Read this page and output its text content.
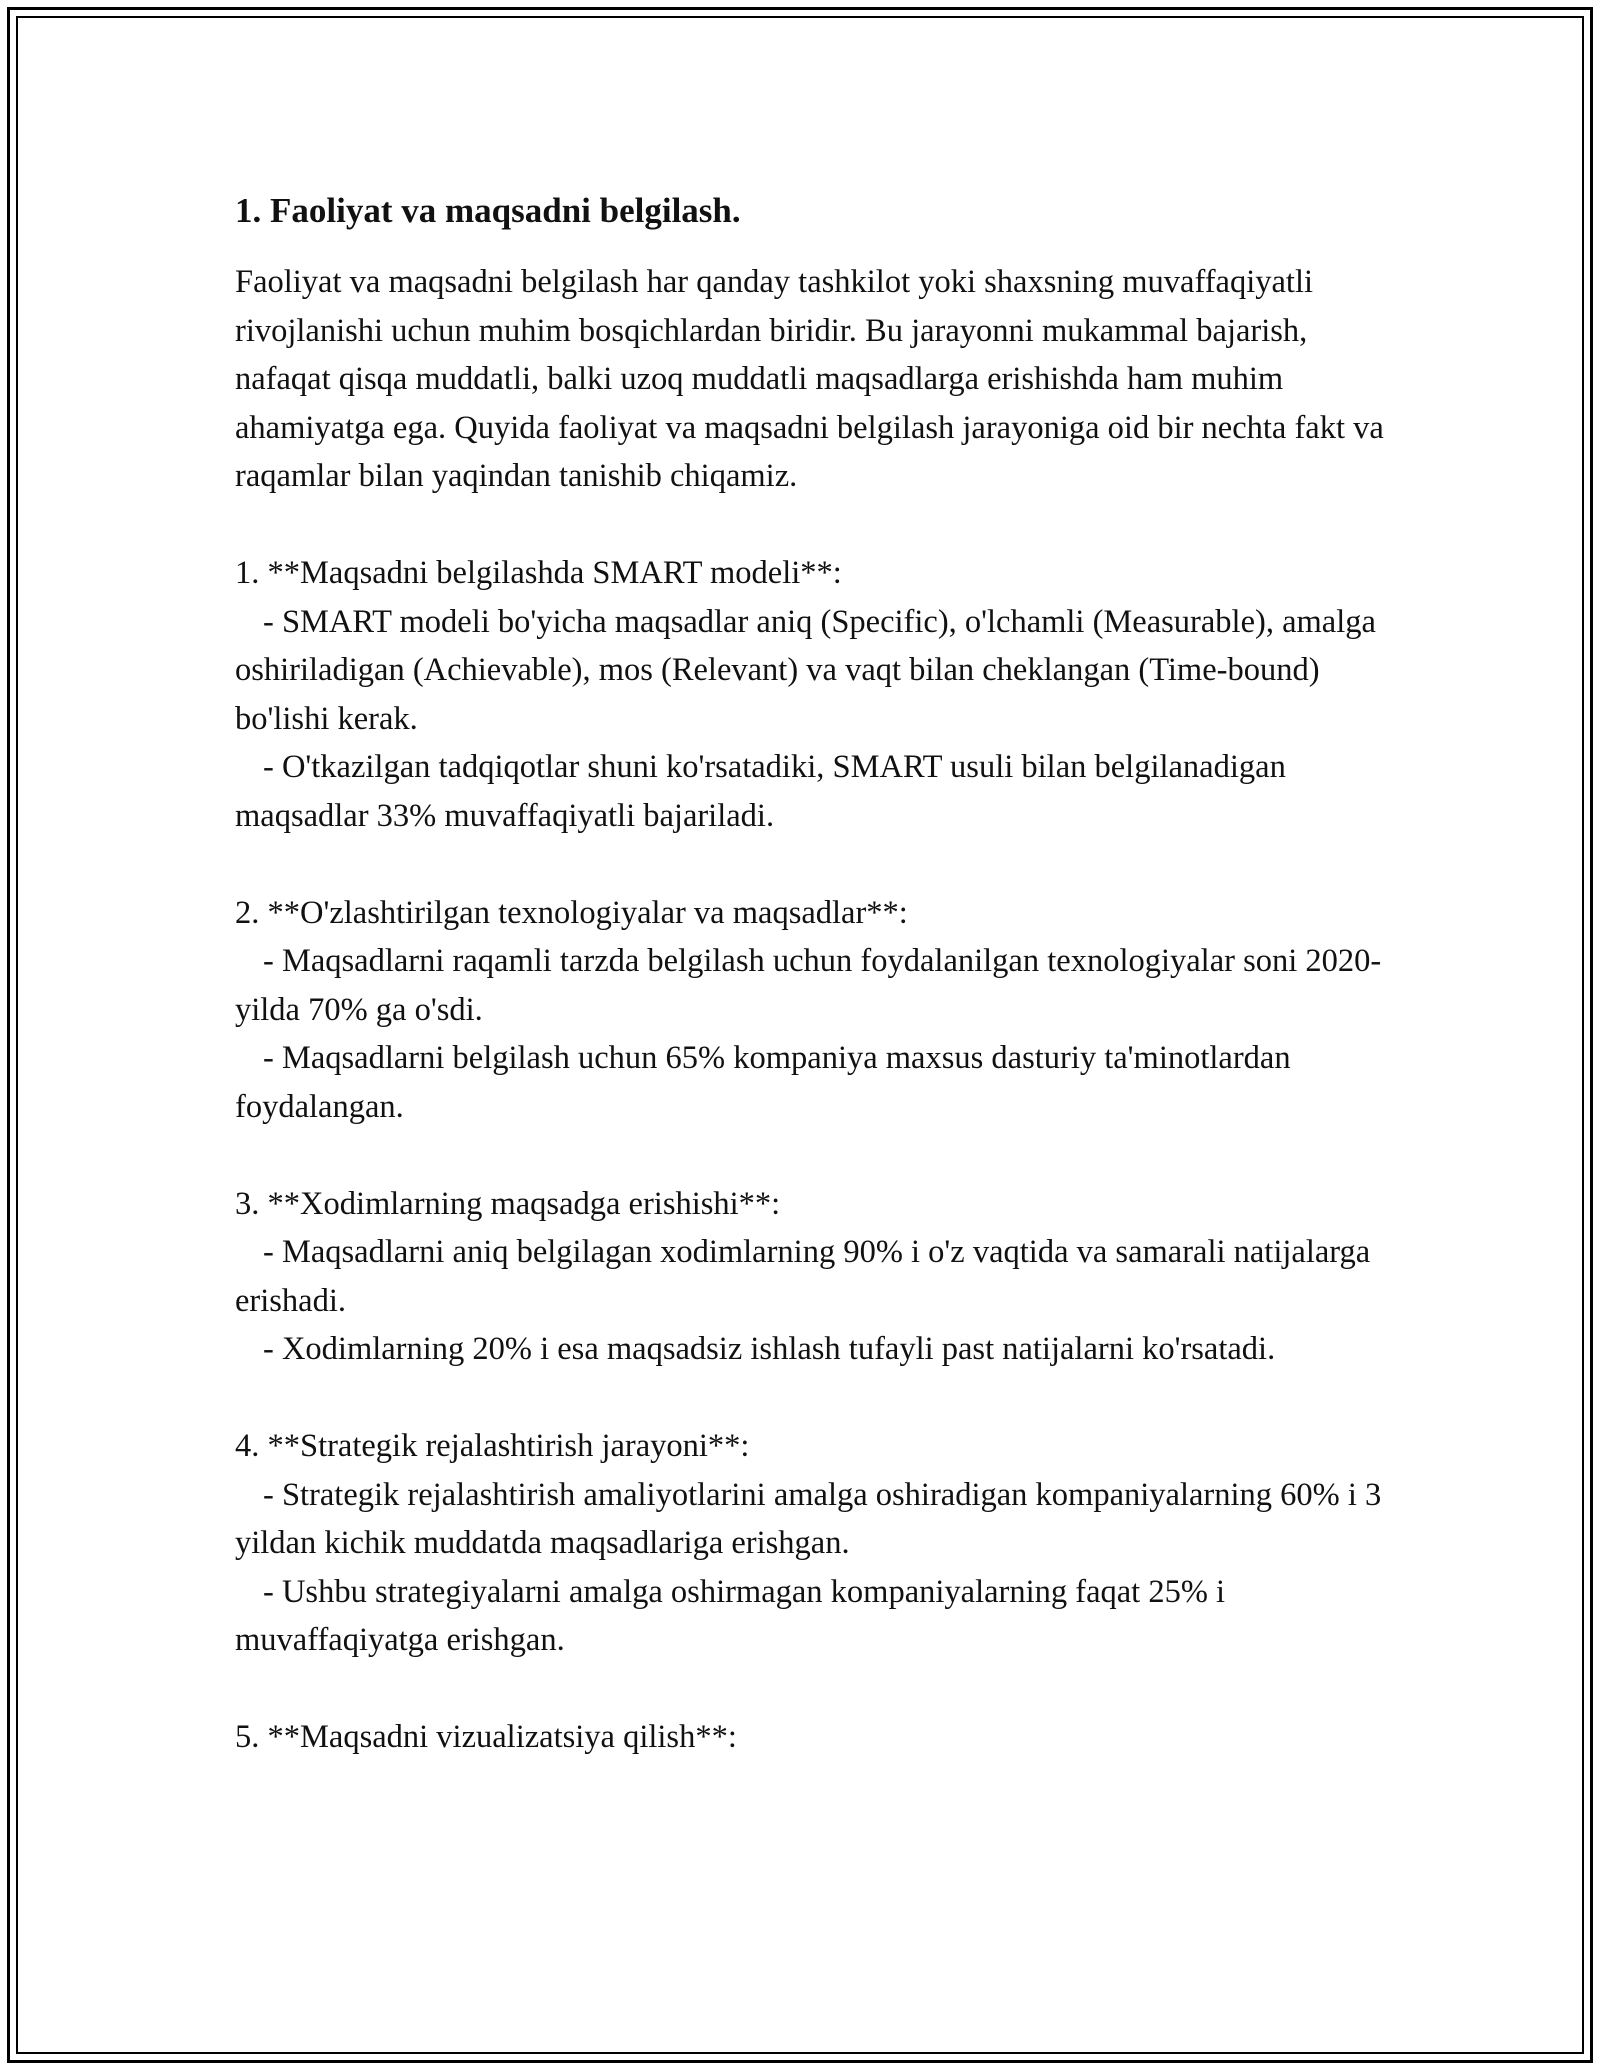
1. Faoliyat va maqsadni belgilash.

Faoliyat va maqsadni belgilash har qanday tashkilot yoki shaxsning muvaffaqiyatli rivojlanishi uchun muhim bosqichlardan biridir. Bu jarayonni mukammal bajarish, nafaqat qisqa muddatli, balki uzoq muddatli maqsadlarga erishishda ham muhim ahamiyatga ega. Quyida faoliyat va maqsadni belgilash jarayoniga oid bir nechta fakt va raqamlar bilan yaqindan tanishib chiqamiz.

1. **Maqsadni belgilashda SMART modeli**:

- SMART modeli bo'yicha maqsadlar aniq (Specific), o'lchamli (Measurable), amalga oshiriladigan (Achievable), mos (Relevant) va vaqt bilan cheklangan (Time-bound) bo'lishi kerak.

- O'tkazilgan tadqiqotlar shuni ko'rsatadiki, SMART usuli bilan belgilanadigan maqsadlar 33% muvaffaqiyatli bajariladi.

2. **O'zlashtirilgan texnologiyalar va maqsadlar**:

- Maqsadlarni raqamli tarzda belgilash uchun foydalanilgan texnologiyalar soni 2020-yilda 70% ga o'sdi.

- Maqsadlarni belgilash uchun 65% kompaniya maxsus dasturiy ta'minotlardan foydalangan.

3. **Xodimlarning maqsadga erishishi**:

- Maqsadlarni aniq belgilagan xodimlarning 90% i o'z vaqtida va samarali natijalarga erishadi.

- Xodimlarning 20% i esa maqsadsiz ishlash tufayli past natijalarni ko'rsatadi.

4. **Strategik rejalashtirish jarayoni**:

- Strategik rejalashtirish amaliyotlarini amalga oshiradigan kompaniyalarning 60% i 3 yildan kichik muddatda maqsadlariga erishgan.

- Ushbu strategiyalarni amalga oshirmagan kompaniyalarning faqat 25% i muvaffaqiyatga erishgan.

5. **Maqsadni vizualizatsiya qilish**:
